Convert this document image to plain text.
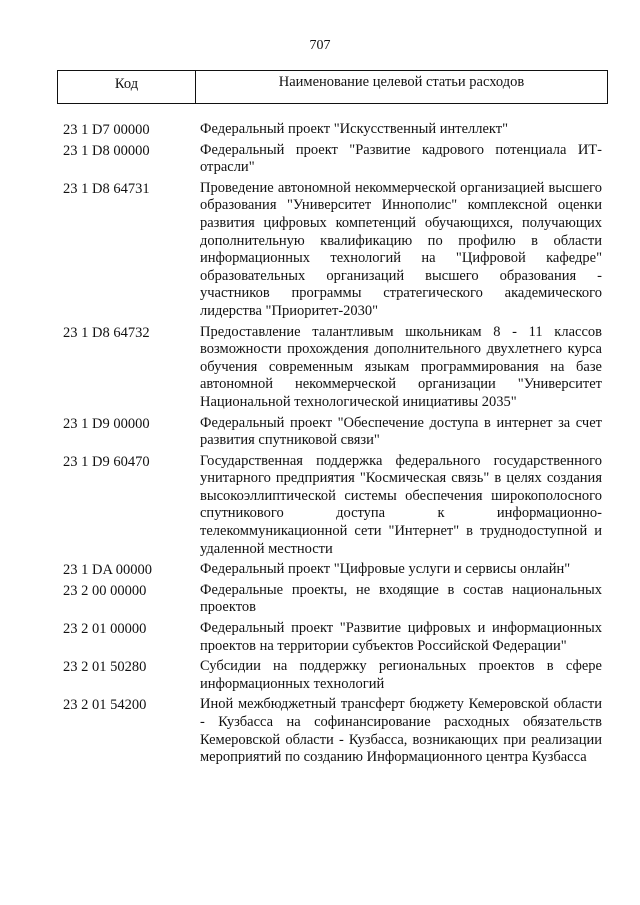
707
Код	Наименование целевой статьи расходов
23 1 D7 00000	Федеральный проект "Искусственный интеллект"
23 1 D8 00000	Федеральный проект "Развитие кадрового потенциала ИТ-отрасли"
23 1 D8 64731	Проведение автономной некоммерческой организацией высшего образования "Университет Иннополис" комплексной оценки развития цифровых компетенций обучающихся, получающих дополнительную квалификацию по профилю в области информационных технологий на "Цифровой кафедре" образовательных организаций высшего образования - участников программы стратегического академического лидерства "Приоритет-2030"
23 1 D8 64732	Предоставление талантливым школьникам 8 - 11 классов возможности прохождения дополнительного двухлетнего курса обучения современным языкам программирования на базе автономной некоммерческой организации "Университет Национальной технологической инициативы 2035"
23 1 D9 00000	Федеральный проект "Обеспечение доступа в интернет за счет развития спутниковой связи"
23 1 D9 60470	Государственная поддержка федерального государственного унитарного предприятия "Космическая связь" в целях создания высокоэллиптической системы обеспечения широкополосного спутникового доступа к информационно-телекоммуникационной сети "Интернет" в труднодоступной и удаленной местности
23 1 DA 00000	Федеральный проект "Цифровые услуги и сервисы онлайн"
23 2 00 00000	Федеральные проекты, не входящие в состав национальных проектов
23 2 01 00000	Федеральный проект "Развитие цифровых и информационных проектов на территории субъектов Российской Федерации"
23 2 01 50280	Субсидии на поддержку региональных проектов в сфере информационных технологий
23 2 01 54200	Иной межбюджетный трансферт бюджету Кемеровской области - Кузбасса на софинансирование расходных обязательств Кемеровской области - Кузбасса, возникающих при реализации мероприятий по созданию Информационного центра Кузбасса
